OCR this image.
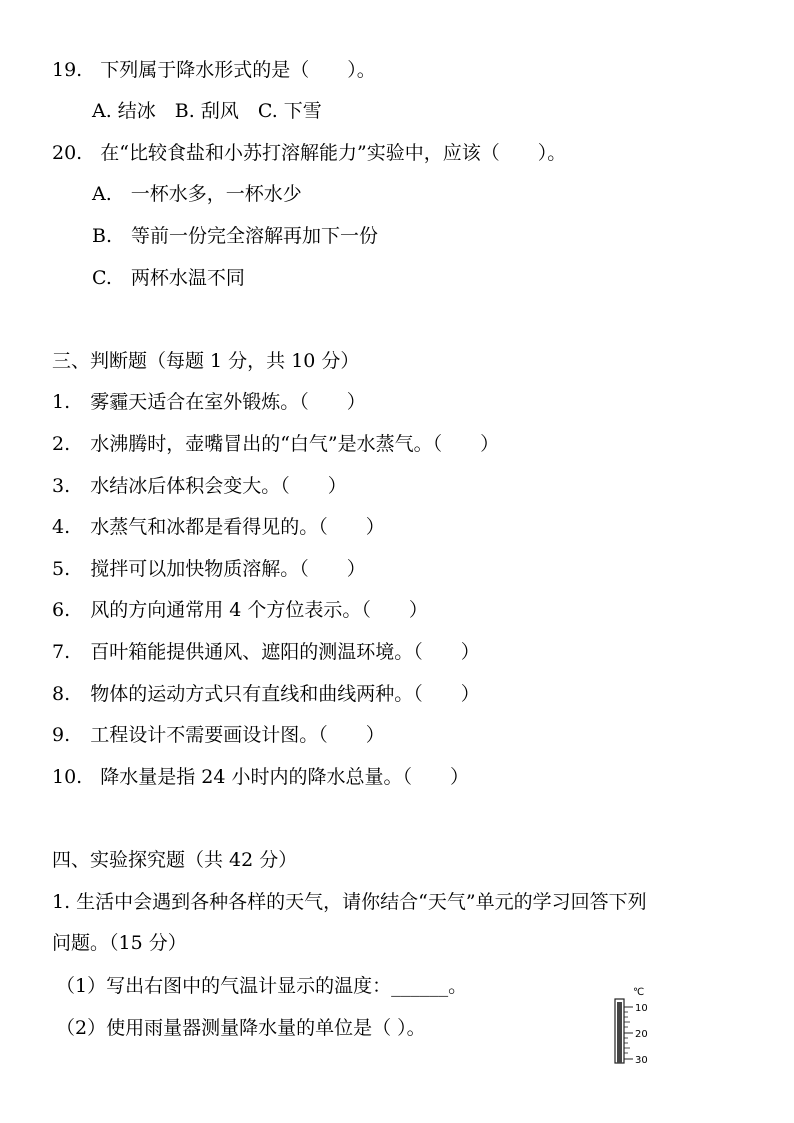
19. 下列属于降水形式的是（　　）。
A. 结冰　B. 刮风　C. 下雪
20. 在“比较食盐和小苏打溶解能力”实验中，应该（　　）。
A.　一杯水多，一杯水少
B.　等前一份完全溶解再加下一份
C.　两杯水温不同
三、判断题（每题 1 分，共 10 分）
1. 雾霾天适合在室外锻炼。（　　）
2. 水沸腾时，壶嘴冒出的“白气”是水蒸气。（　　）
3. 水结冰后体积会变大。（　　）
4. 水蒸气和冰都是看得见的。（　　）
5. 搅拌可以加快物质溶解。（　　）
6. 风的方向通常用 4 个方位表示。（　　）
7. 百叶箱能提供通风、遮阳的测温环境。（　　）
8. 物体的运动方式只有直线和曲线两种。（　　）
9. 工程设计不需要画设计图。（　　）
10. 降水量是指 24 小时内的降水总量。（　　）
四、实验探究题（共 42 分）
1. 生活中会遇到各种各样的天气，请你结合“天气”单元的学习回答下列
问题。（15 分）
（1）写出右图中的气温计显示的温度：______。
（2）使用雨量器测量降水量的单位是（ ）。
℃
10
20
30
